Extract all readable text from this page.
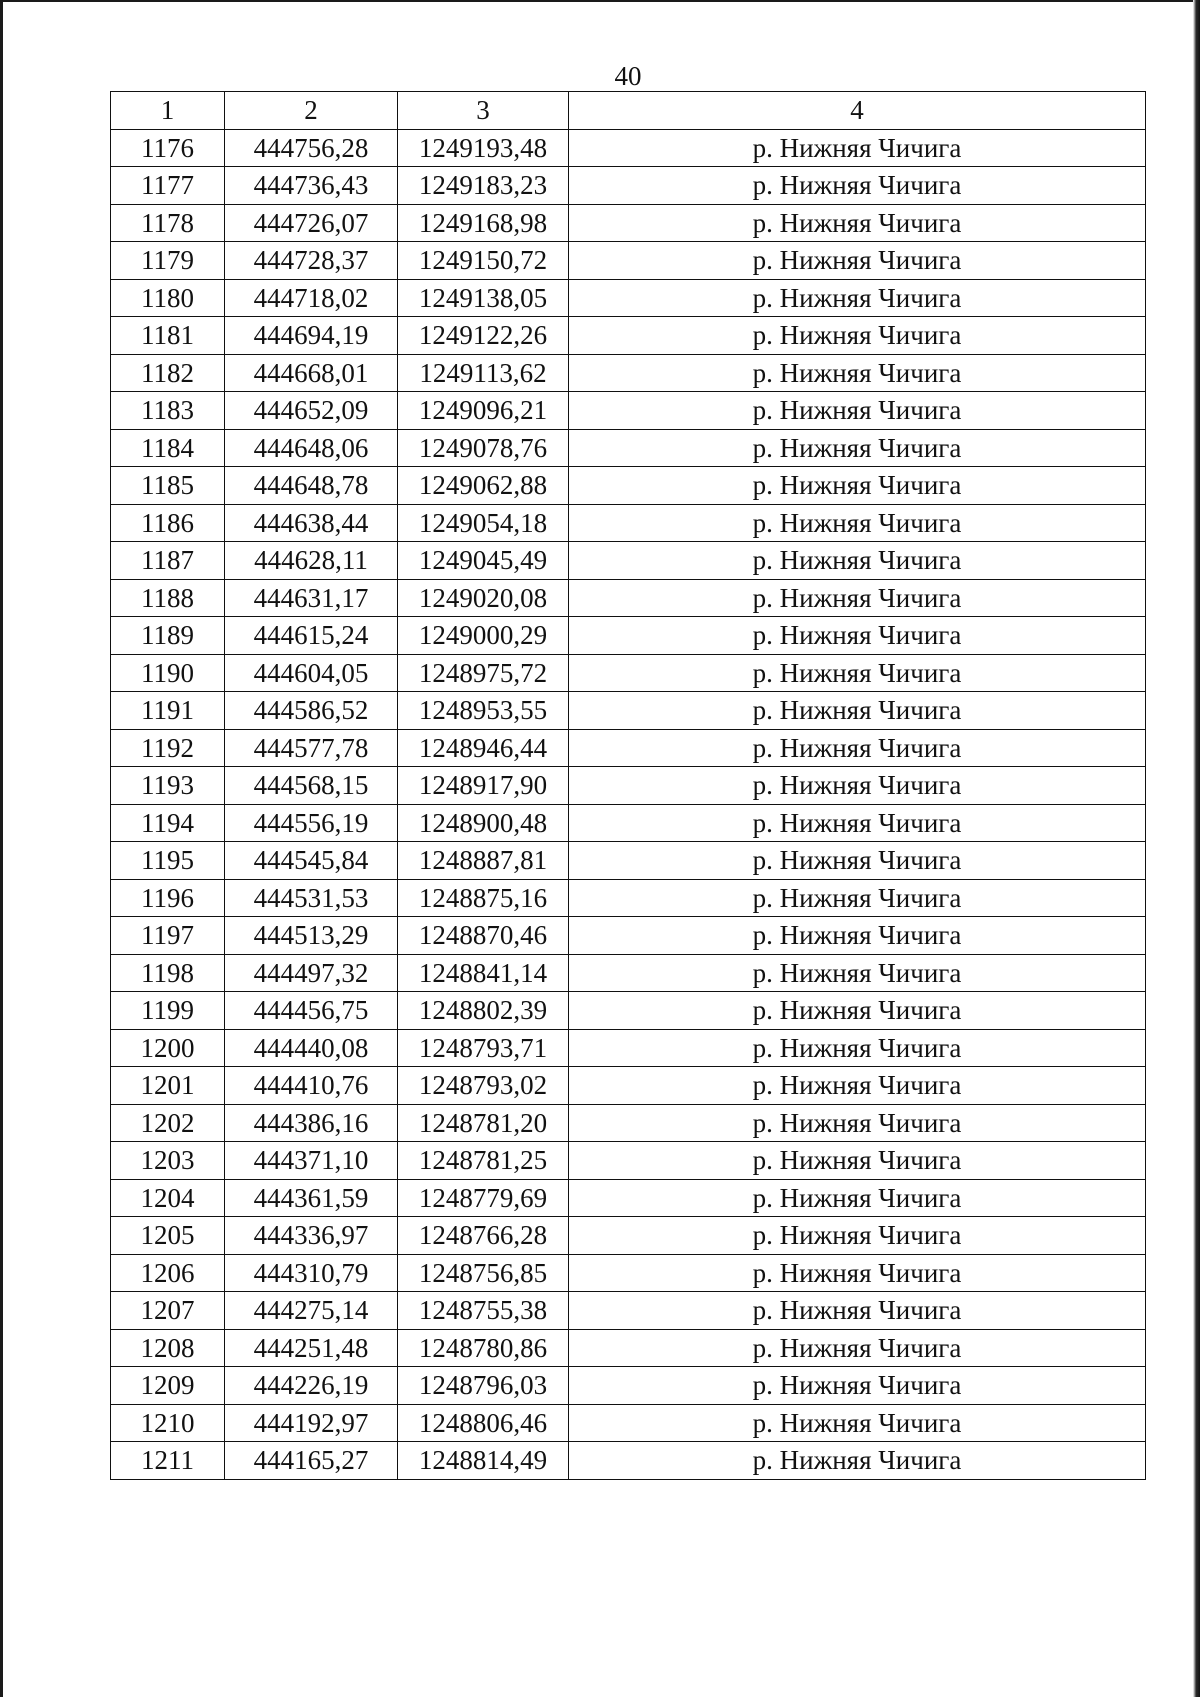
40
1	2	3	4
1176	444756,28	1249193,48	р. Нижняя Чичига
1177	444736,43	1249183,23	р. Нижняя Чичига
1178	444726,07	1249168,98	р. Нижняя Чичига
1179	444728,37	1249150,72	р. Нижняя Чичига
1180	444718,02	1249138,05	р. Нижняя Чичига
1181	444694,19	1249122,26	р. Нижняя Чичига
1182	444668,01	1249113,62	р. Нижняя Чичига
1183	444652,09	1249096,21	р. Нижняя Чичига
1184	444648,06	1249078,76	р. Нижняя Чичига
1185	444648,78	1249062,88	р. Нижняя Чичига
1186	444638,44	1249054,18	р. Нижняя Чичига
1187	444628,11	1249045,49	р. Нижняя Чичига
1188	444631,17	1249020,08	р. Нижняя Чичига
1189	444615,24	1249000,29	р. Нижняя Чичига
1190	444604,05	1248975,72	р. Нижняя Чичига
1191	444586,52	1248953,55	р. Нижняя Чичига
1192	444577,78	1248946,44	р. Нижняя Чичига
1193	444568,15	1248917,90	р. Нижняя Чичига
1194	444556,19	1248900,48	р. Нижняя Чичига
1195	444545,84	1248887,81	р. Нижняя Чичига
1196	444531,53	1248875,16	р. Нижняя Чичига
1197	444513,29	1248870,46	р. Нижняя Чичига
1198	444497,32	1248841,14	р. Нижняя Чичига
1199	444456,75	1248802,39	р. Нижняя Чичига
1200	444440,08	1248793,71	р. Нижняя Чичига
1201	444410,76	1248793,02	р. Нижняя Чичига
1202	444386,16	1248781,20	р. Нижняя Чичига
1203	444371,10	1248781,25	р. Нижняя Чичига
1204	444361,59	1248779,69	р. Нижняя Чичига
1205	444336,97	1248766,28	р. Нижняя Чичига
1206	444310,79	1248756,85	р. Нижняя Чичига
1207	444275,14	1248755,38	р. Нижняя Чичига
1208	444251,48	1248780,86	р. Нижняя Чичига
1209	444226,19	1248796,03	р. Нижняя Чичига
1210	444192,97	1248806,46	р. Нижняя Чичига
1211	444165,27	1248814,49	р. Нижняя Чичига
